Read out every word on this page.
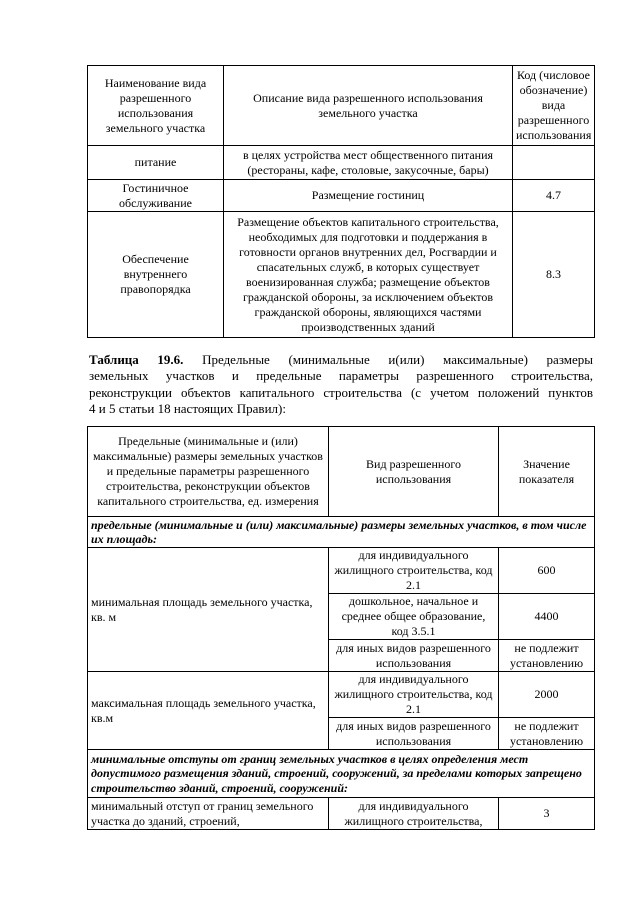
Наименование вида разрешенного использования земельного участка	Описание вида разрешенного использования земельного участка	Код (числовое обозначение) вида разрешенного использования
питание	в целях устройства мест общественного питания (рестораны, кафе, столовые, закусочные, бары)	
Гостиничное обслуживание	Размещение гостиниц	4.7
Обеспечение внутреннего правопорядка	Размещение объектов капитального строительства, необходимых для подготовки и поддержания в готовности органов внутренних дел, Росгвардии и спасательных служб, в которых существует военизированная служба; размещение объектов гражданской обороны, за исключением объектов гражданской обороны, являющихся частями производственных зданий	8.3
Таблица 19.6. Предельные (минимальные и(или) максимальные) размеры
земельных участков и предельные параметры разрешенного строительства,
реконструкции объектов капитального строительства (с учетом положений пунктов
4 и 5 статьи 18 настоящих Правил):
Предельные (минимальные и (или) максимальные) размеры земельных участков и предельные параметры разрешенного строительства, реконструкции объектов капитального строительства, ед. измерения	Вид разрешенного использования	Значение показателя
предельные (минимальные и (или) максимальные) размеры земельных участков, в том числе их площадь:		
минимальная площадь земельного участка, кв. м	для индивидуального жилищного строительства, код 2.1	600
	дошкольное, начальное и среднее общее образование, код 3.5.1	4400
	для иных видов разрешенного использования	не подлежит установлению
максимальная площадь земельного участка, кв.м	для индивидуального жилищного строительства, код 2.1	2000
	для иных видов разрешенного использования	не подлежит установлению
минимальные отступы от границ земельных участков в целях определения мест допустимого размещения зданий, строений, сооружений, за пределами которых запрещено строительство зданий, строений, сооружений:		
минимальный отступ от границ земельного участка до зданий, строений,	для индивидуального жилищного строительства,	3
